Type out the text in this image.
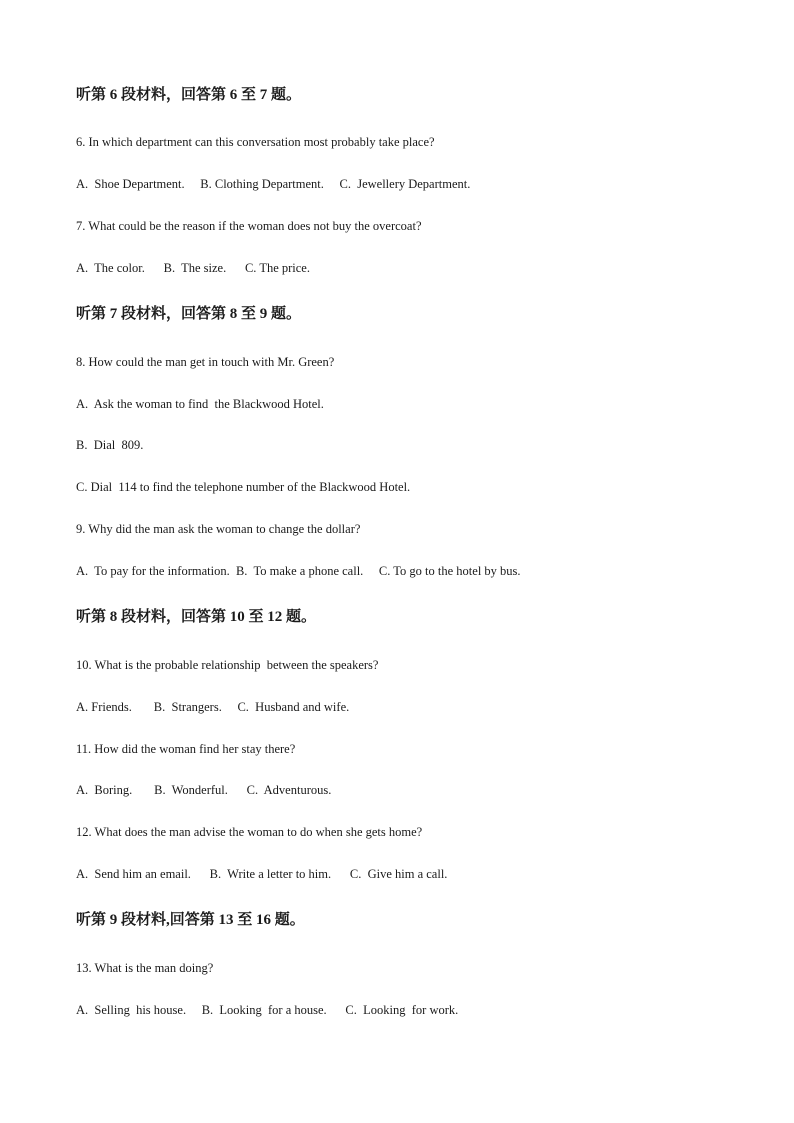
听第 6 段材料，回答第 6 至 7 题。
6. In which department can this conversation most probably take place?
A.  Shoe Department.     B. Clothing Department.     C.  Jewellery Department.
7. What could be the reason if the woman does not buy the overcoat?
A.  The color.      B.  The size.      C. The price.
听第 7 段材料，回答第 8 至 9 题。
8. How could the man get in touch with Mr. Green?
A.  Ask the woman to find  the Blackwood Hotel.
B.  Dial  809.
C. Dial  114 to find the telephone number of the Blackwood Hotel.
9. Why did the man ask the woman to change the dollar?
A.  To pay for the information.  B.  To make a phone call.     C. To go to the hotel by bus.
听第 8 段材料，回答第 10 至 12 题。
10. What is the probable relationship  between the speakers?
A. Friends.       B.  Strangers.     C.  Husband and wife.
11. How did the woman find her stay there?
A.  Boring.       B.  Wonderful.      C.  Adventurous.
12. What does the man advise the woman to do when she gets home?
A.  Send him an email.      B.  Write a letter to him.      C.  Give him a call.
听第 9 段材料,回答第 13 至 16 题。
13. What is the man doing?
A.  Selling  his house.     B.  Looking  for a house.      C.  Looking  for work.
